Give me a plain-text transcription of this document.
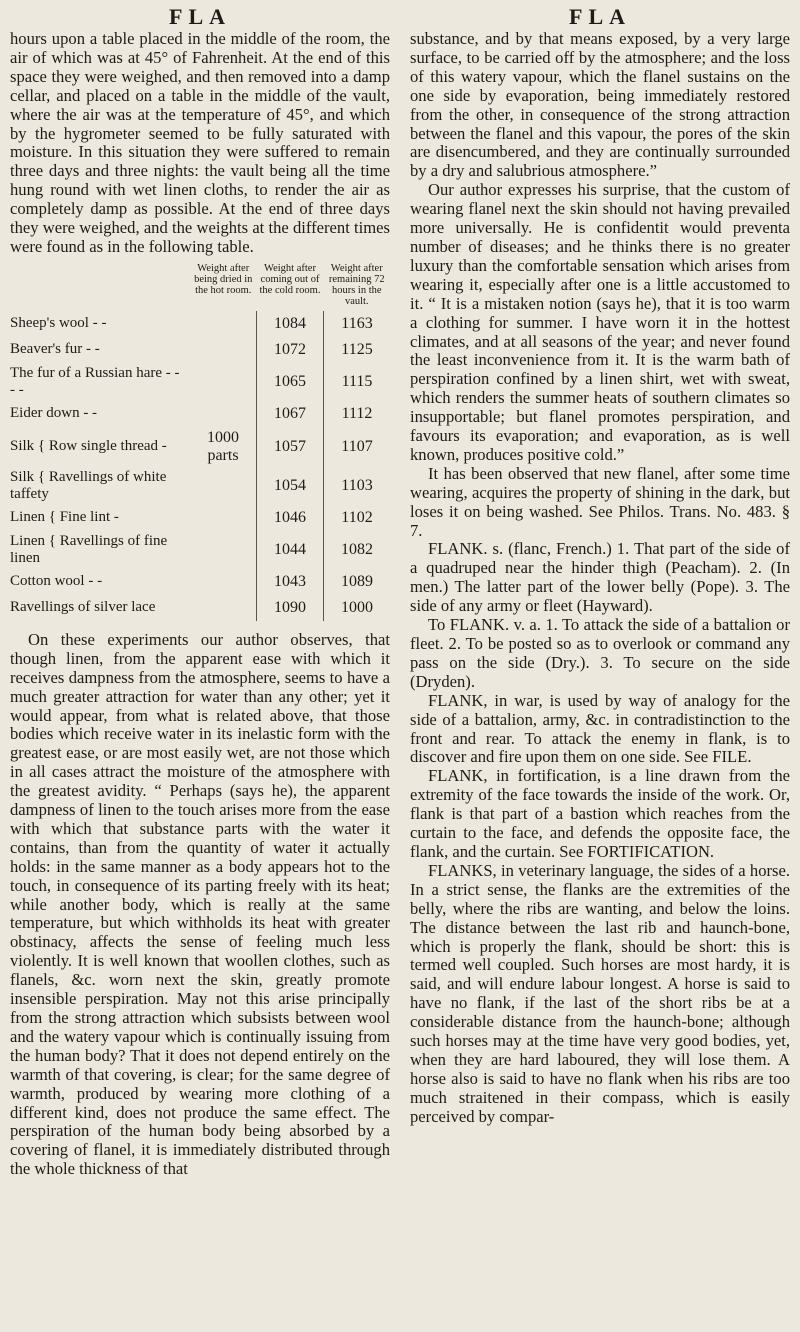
FLA

hours upon a table placed in the middle of the room, the air of which was at 45° of Fahrenheit. At the end of this space they were weighed, and then removed into a damp cellar, and placed on a table in the middle of the vault, where the air was at the temperature of 45°, and which by the hygrometer seemed to be fully saturated with moisture. In this situation they were suffered to remain three days and three nights: the vault being all the time hung round with wet linen cloths, to render the air as completely damp as possible. At the end of three days they were weighed, and the weights at the different times were found as in the following table.

	Weight after being dried in the hot room.	Weight after coming out of the cold room.	Weight after remaining 72 hours in the vault.
Sheep's wool - -		1084	1163
Beaver's fur - -		1072	1125
The fur of a Russian hare - - - -		1065	1115
Eider down - -		1067	1112
Silk { Row single thread -	1000 parts	1057	1107
Silk { Ravellings of white taffety		1054	1103
Linen { Fine lint -		1046	1102
Linen { Ravellings of fine linen		1044	1082
Cotton wool - -		1043	1089
Ravellings of silver lace		1090	1000

On these experiments our author observes, that though linen, from the apparent ease with which it receives dampness from the atmosphere, seems to have a much greater attraction for water than any other; yet it would appear, from what is related above, that those bodies which receive water in its inelastic form with the greatest ease, or are most easily wet, are not those which in all cases attract the moisture of the atmosphere with the greatest avidity. “ Perhaps (says he), the apparent dampness of linen to the touch arises more from the ease with which that substance parts with the water it contains, than from the quantity of water it actually holds: in the same manner as a body appears hot to the touch, in consequence of its parting freely with its heat; while another body, which is really at the same temperature, but which withholds its heat with greater obstinacy, affects the sense of feeling much less violently. It is well known that woollen clothes, such as flanels, &c. worn next the skin, greatly promote insensible perspiration. May not this arise principally from the strong attraction which subsists between wool and the watery vapour which is continually issuing from the human body? That it does not depend entirely on the warmth of that covering, is clear; for the same degree of warmth, produced by wearing more clothing of a different kind, does not produce the same effect. The perspiration of the human body being absorbed by a covering of flanel, it is immediately distributed through the whole thickness of that

FLA

substance, and by that means exposed, by a very large surface, to be carried off by the atmosphere; and the loss of this watery vapour, which the flanel sustains on the one side by evaporation, being immediately restored from the other, in consequence of the strong attraction between the flanel and this vapour, the pores of the skin are disencumbered, and they are continually surrounded by a dry and salubrious atmosphere.”

Our author expresses his surprise, that the custom of wearing flanel next the skin should not having prevailed more universally. He is confidentit would preventa number of diseases; and he thinks there is no greater luxury than the comfortable sensation which arises from wearing it, especially after one is a little accustomed to it. “ It is a mistaken notion (says he), that it is too warm a clothing for summer. I have worn it in the hottest climates, and at all seasons of the year; and never found the least inconvenience from it. It is the warm bath of perspiration confined by a linen shirt, wet with sweat, which renders the summer heats of southern climates so insupportable; but flanel promotes perspiration, and favours its evaporation; and evaporation, as is well known, produces positive cold.”

It has been observed that new flanel, after some time wearing, acquires the property of shining in the dark, but loses it on being washed. See Philos. Trans. No. 483. § 7.

FLANK. s. (flanc, French.) 1. That part of the side of a quadruped near the hinder thigh (Peacham). 2. (In men.) The latter part of the lower belly (Pope). 3. The side of any army or fleet (Hayward).

To FLANK. v. a. 1. To attack the side of a battalion or fleet. 2. To be posted so as to overlook or command any pass on the side (Dry.). 3. To secure on the side (Dryden).

FLANK, in war, is used by way of analogy for the side of a battalion, army, &c. in contradistinction to the front and rear. To attack the enemy in flank, is to discover and fire upon them on one side. See FILE.

FLANK, in fortification, is a line drawn from the extremity of the face towards the inside of the work. Or, flank is that part of a bastion which reaches from the curtain to the face, and defends the opposite face, the flank, and the curtain. See FORTIFICATION.

FLANKS, in veterinary language, the sides of a horse. In a strict sense, the flanks are the extremities of the belly, where the ribs are wanting, and below the loins. The distance between the last rib and haunch-bone, which is properly the flank, should be short: this is termed well coupled. Such horses are most hardy, it is said, and will endure labour longest. A horse is said to have no flank, if the last of the short ribs be at a considerable distance from the haunch-bone; although such horses may at the time have very good bodies, yet, when they are hard laboured, they will lose them. A horse also is said to have no flank when his ribs are too much straitened in their compass, which is easily perceived by compar-
